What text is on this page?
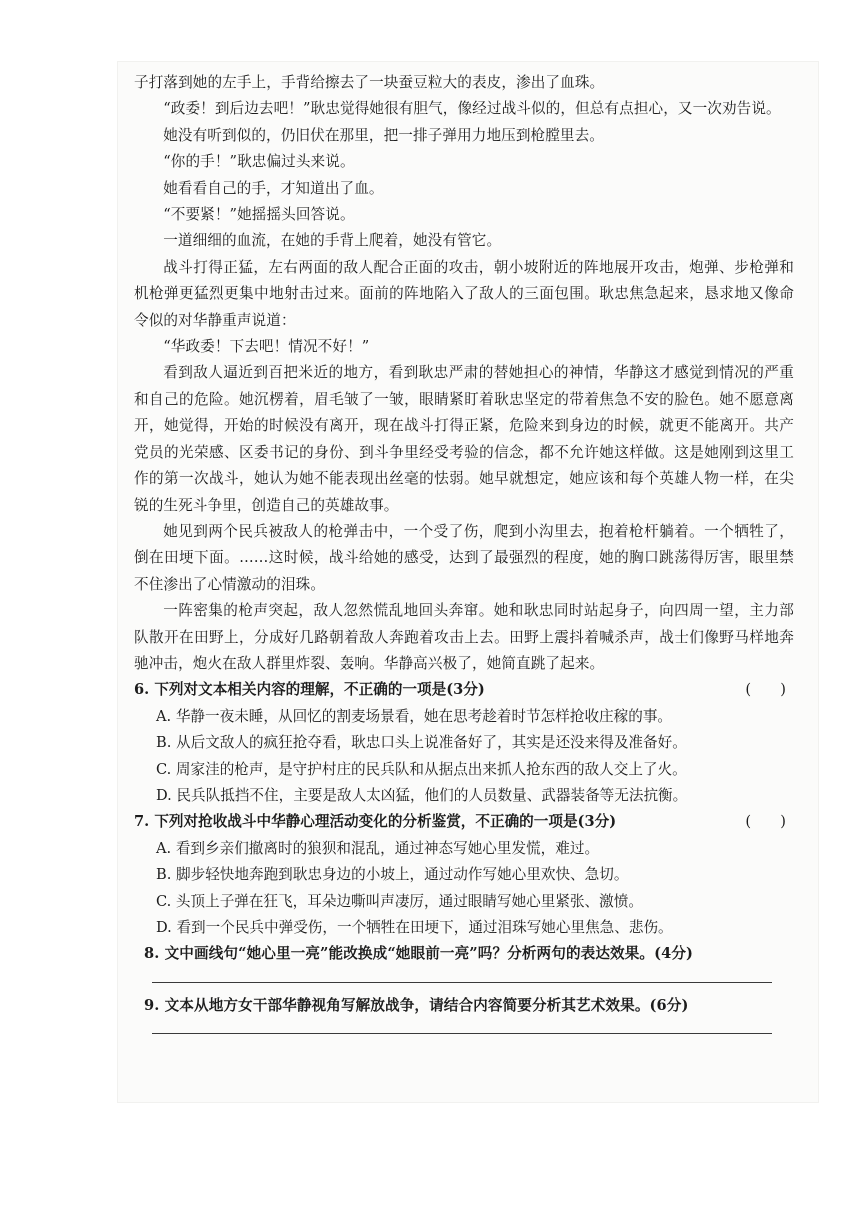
子打落到她的左手上，手背给擦去了一块蚕豆粒大的表皮，渗出了血珠。

“政委！到后边去吧！”耿忠觉得她很有胆气，像经过战斗似的，但总有点担心，又一次劝告说。

她没有听到似的，仍旧伏在那里，把一排子弹用力地压到枪膛里去。

“你的手！”耿忠偏过头来说。

她看看自己的手，才知道出了血。

“不要紧！”她摇摇头回答说。

一道细细的血流，在她的手背上爬着，她没有管它。

战斗打得正猛，左右两面的敌人配合正面的攻击，朝小坡附近的阵地展开攻击，炮弹、步枪弹和机枪弹更猛烈更集中地射击过来。面前的阵地陷入了敌人的三面包围。耿忠焦急起来，恳求地又像命令似的对华静重声说道：

“华政委！下去吧！情况不好！”

看到敌人逼近到百把米近的地方，看到耿忠严肃的替她担心的神情，华静这才感觉到情况的严重和自己的危险。她沉楞着，眉毛皱了一皱，眼睛紧盯着耿忠坚定的带着焦急不安的脸色。她不愿意离开，她觉得，开始的时候没有离开，现在战斗打得正紧，危险来到身边的时候，就更不能离开。共产党员的光荣感、区委书记的身份、到斗争里经受考验的信念，都不允许她这样做。这是她刚到这里工作的第一次战斗，她认为她不能表现出丝毫的怯弱。她早就想定，她应该和每个英雄人物一样，在尖锐的生死斗争里，创造自己的英雄故事。

她见到两个民兵被敌人的枪弹击中，一个受了伤，爬到小沟里去，抱着枪杆躺着。一个牺牲了，倒在田埂下面。……这时候，战斗给她的感受，达到了最强烈的程度，她的胸口跳荡得厉害，眼里禁不住渗出了心情激动的泪珠。

一阵密集的枪声突起，敌人忽然慌乱地回头奔窜。她和耿忠同时站起身子，向四周一望，主力部队散开在田野上，分成好几路朝着敌人奔跑着攻击上去。田野上震抖着喊杀声，战士们像野马样地奔驰冲击，炮火在敌人群里炸裂、轰响。华静高兴极了，她简直跳了起来。

6. 下列对文本相关内容的理解，不正确的一项是(3分)	(　　)
A. 华静一夜未睡，从回忆的割麦场景看，她在思考趁着时节怎样抢收庄稼的事。
B. 从后文敌人的疯狂抢夺看，耿忠口头上说准备好了，其实是还没来得及准备好。
C. 周家洼的枪声，是守护村庄的民兵队和从据点出来抓人抢东西的敌人交上了火。
D. 民兵队抵挡不住，主要是敌人太凶猛，他们的人员数量、武器装备等无法抗衡。
7. 下列对抢收战斗中华静心理活动变化的分析鉴赏，不正确的一项是(3分)	(　　)
A. 看到乡亲们撤离时的狼狈和混乱，通过神态写她心里发慌，难过。
B. 脚步轻快地奔跑到耿忠身边的小坡上，通过动作写她心里欢快、急切。
C. 头顶上子弹在狂飞，耳朵边嘶叫声凄厉，通过眼睛写她心里紧张、激愤。
D. 看到一个民兵中弹受伤，一个牺牲在田埂下，通过泪珠写她心里焦急、悲伤。

8. 文中画线句“她心里一亮”能改换成“她眼前一亮”吗？分析两句的表达效果。(4分)

9. 文本从地方女干部华静视角写解放战争，请结合内容简要分析其艺术效果。(6分)
